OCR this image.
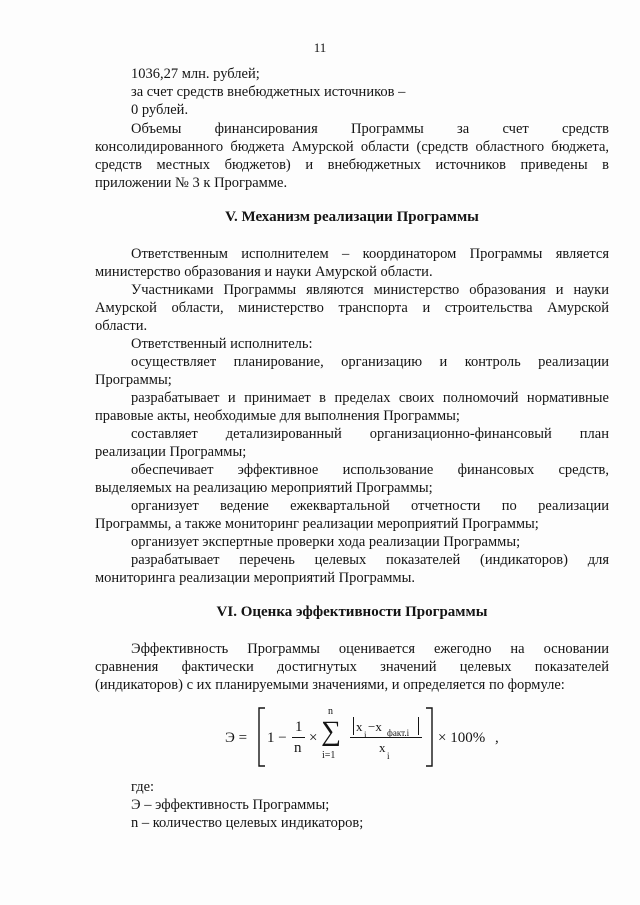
11
1036,27 млн. рублей;
за счет средств внебюджетных источников –
0 рублей.
Объемы финансирования Программы за счет средств
консолидированного бюджета Амурской области (средств областного бюджета,
средств местных бюджетов) и внебюджетных источников приведены в
приложении № 3 к Программе.
V. Механизм реализации Программы
Ответственным исполнителем – координатором Программы является
министерство образования и науки Амурской области.
Участниками Программы являются министерство образования и науки
Амурской области, министерство транспорта и строительства Амурской
области.
Ответственный исполнитель:
осуществляет планирование, организацию и контроль реализации
Программы;
разрабатывает и принимает в пределах своих полномочий нормативные
правовые акты, необходимые для выполнения Программы;
составляет детализированный организационно-финансовый план
реализации Программы;
обеспечивает эффективное использование финансовых средств,
выделяемых на реализацию мероприятий Программы;
организует ведение ежеквартальной отчетности по реализации
Программы, а также мониторинг реализации мероприятий Программы;
организует экспертные проверки хода реализации Программы;
разрабатывает перечень целевых показателей (индикаторов) для
мониторинга реализации мероприятий Программы.
VI. Оценка эффективности Программы
Эффективность Программы оценивается ежегодно на основании
сравнения фактически достигнутых значений целевых показателей
(индикаторов) с их планируемыми значениями, и определяется по формуле:
Э = 1 −
1
n
×
n
∑
i=1
x
i
−x факт.i
x
i
× 100% ,
где:
Э – эффективность Программы;
n – количество целевых индикаторов;
